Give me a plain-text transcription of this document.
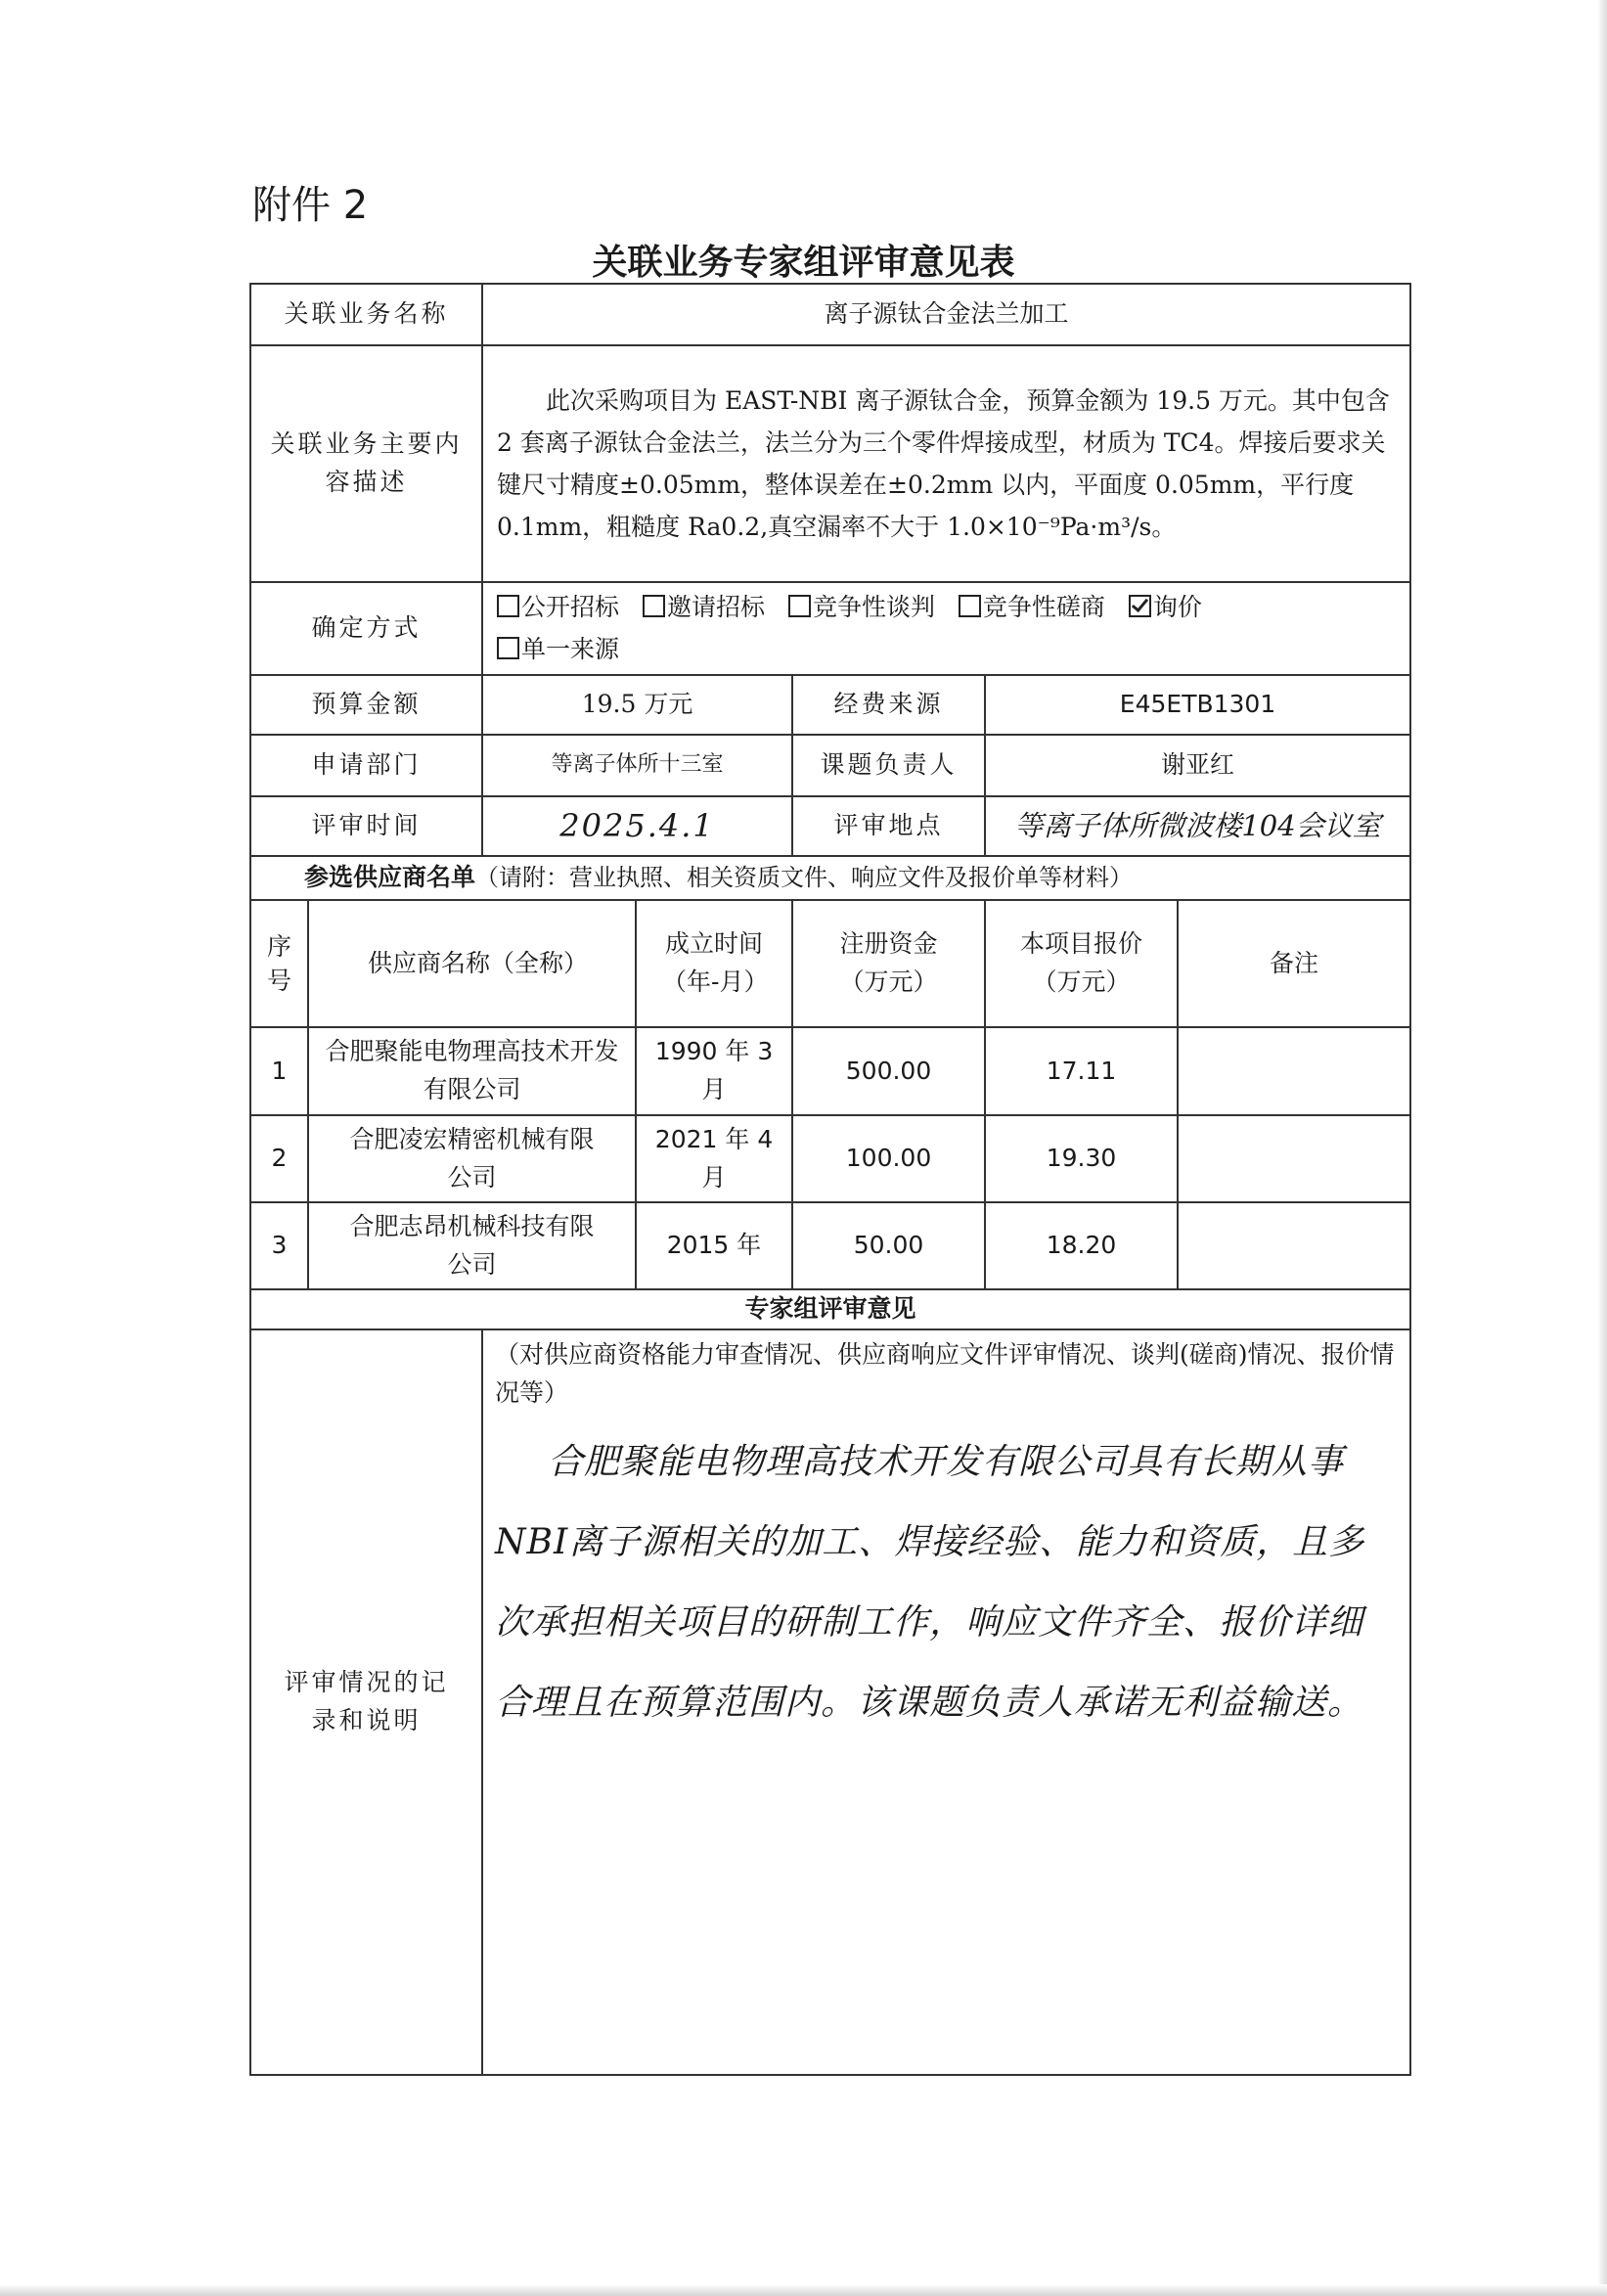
附件 2
关联业务专家组评审意见表
关联业务名称		离子源钛合金法兰加工				
关联业务主要内容描述		此次采购项目为 EAST-NBI 离子源钛合金，预算金额为 19.5 万元。其中包含 2 套离子源钛合金法兰，法兰分为三个零件焊接成型，材质为 TC4。焊接后要求关键尺寸精度±0.05mm，整体误差在±0.2mm 以内，平面度 0.05mm，平行度 0.1mm，粗糙度 Ra0.2,真空漏率不大于 1.0×10⁻⁹Pa·m³/s。				
确定方式		公开招标 邀请招标 竞争性谈判 竞争性磋商 询价
单一来源				
预算金额		19.5 万元		经费来源	E45ETB1301	
申请部门		等离子体所十三室		课题负责人	谢亚红	
评审时间		2025.4.1		评审地点	等离子体所微波楼104会议室	
参选供应商名单（请附：营业执照、相关资质文件、响应文件及报价单等材料）						
序号	供应商名称（全称）		成立时间（年-月）	注册资金（万元）	本项目报价（万元）	备注
1	合肥聚能电物理高技术开发有限公司		1990 年 3 月	500.00	17.11	
2	合肥凌宏精密机械有限公司		2021 年 4 月	100.00	19.30	
3	合肥志昂机械科技有限公司		2015 年	50.00	18.20	
专家组评审意见						
评审情况的记录和说明		（对供应商资格能力审查情况、供应商响应文件评审情况、谈判(磋商)情况、报价情况等）
合肥聚能电物理高技术开发有限公司具有长期从事NBI离子源相关的加工、焊接经验、能力和资质，且多次承担相关项目的研制工作，响应文件齐全、报价详细合理且在预算范围内。该课题负责人承诺无利益输送。				
